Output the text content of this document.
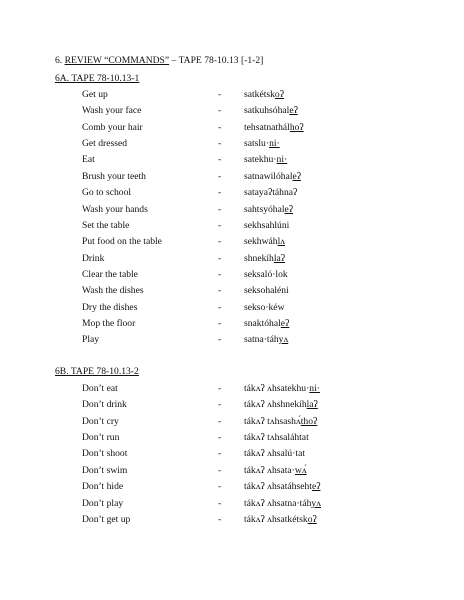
6. REVIEW “COMMANDS” – TAPE 78-10.13 [-1-2]
6A. TAPE 78-10.13-1
Get up	- satkétskoʔ
Wash your face	- satkuhsóhaleʔ
Comb your hair	- tehsatnathálhoʔ
Get dressed	- satslu·ni·
Eat	- satekhu·ni·
Brush your teeth	- satnawilóhaleʔ
Go to school	- satayaʔtáhnaʔ
Wash your hands	- sahtsyóhaleʔ
Set the table	- sekhsahlúni
Put food on the table	- sekhwáhlʌ
Drink	- shnekíhlaʔ
Clear the table	- seksaló·lok
Wash the dishes	- seksohaléni
Dry the dishes	- sekso·kéw
Mop the floor	- snaktóhaleʔ
Play	- satna·táhyʌ
6B. TAPE 78-10.13-2
Don’t eat	- tákʌʔ ʌhsatekhu·ni·
Don’t drink	- tákʌʔ ʌhshnekíhlaʔ
Don’t cry	- tákʌʔ tʌhsashʌ́thoʔ
Don’t run	- tákʌʔ tʌhsaláhtat
Don’t shoot	- tákʌʔ ʌhsalú·tat
Don’t swim	- tákʌʔ ʌhsata·wʌ́
Don’t hide	- tákʌʔ ʌhsatáhsehteʔ
Don’t play	- tákʌʔ ʌhsatna·táhyʌ
Don’t get up	- tákʌʔ ʌhsatkétskoʔ
